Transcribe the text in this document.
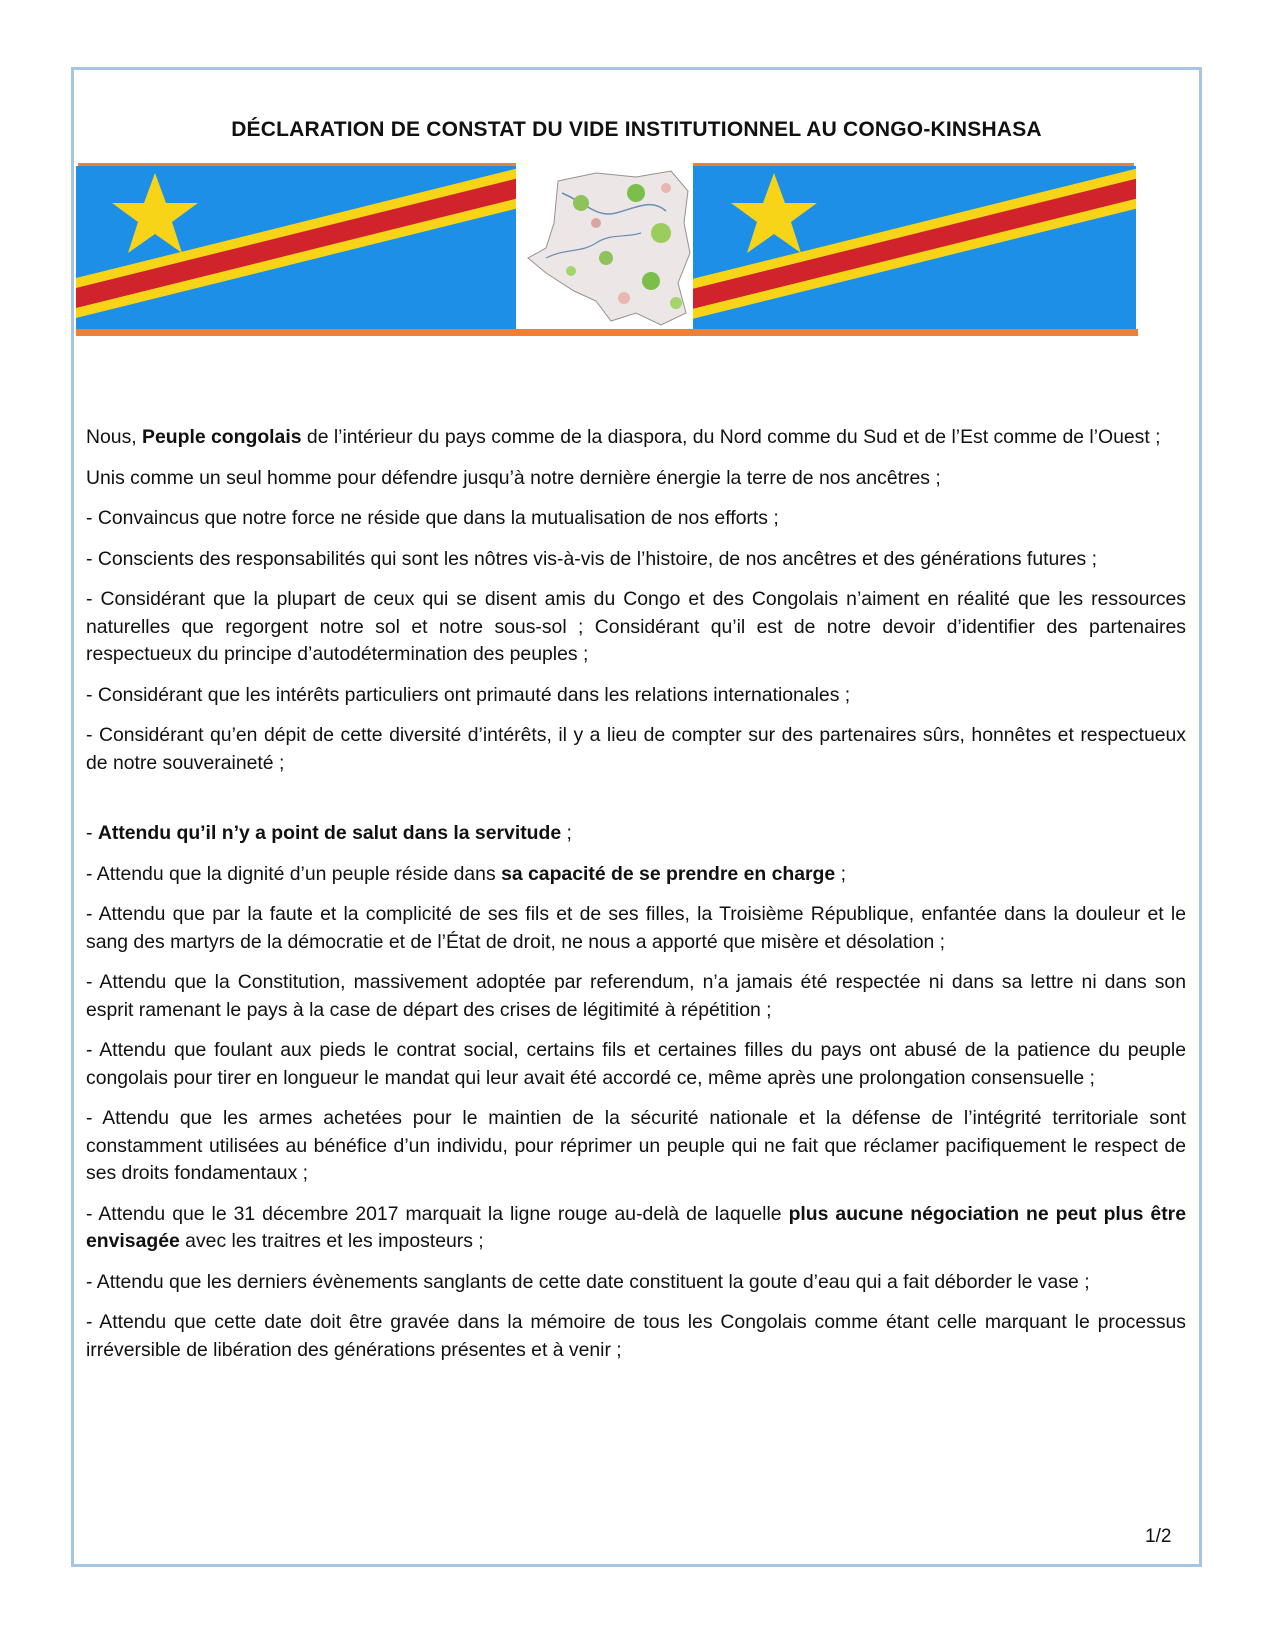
DÉCLARATION DE CONSTAT DU VIDE INSTITUTIONNEL AU CONGO-KINSHASA

Nous, Peuple congolais de l’intérieur du pays comme de la diaspora, du Nord comme du Sud et de l’Est comme de l’Ouest ;

Unis comme un seul homme pour défendre jusqu’à notre dernière énergie la terre de nos ancêtres ;

- Convaincus que notre force ne réside que dans la mutualisation de nos efforts ;

- Conscients des responsabilités qui sont les nôtres vis-à-vis de l’histoire, de nos ancêtres et des générations futures ;

- Considérant que la plupart de ceux qui se disent amis du Congo et des Congolais n’aiment en réalité que les ressources naturelles que regorgent notre sol et notre sous-sol ; Considérant qu’il est de notre devoir d’identifier des partenaires respectueux du principe d’autodétermination des peuples ;

- Considérant que les intérêts particuliers ont primauté dans les relations internationales ;

- Considérant qu’en dépit de cette diversité d’intérêts, il y a lieu de compter sur des partenaires sûrs, honnêtes et respectueux de notre souveraineté ;

- Attendu qu’il n’y a point de salut dans la servitude ;

- Attendu que la dignité d’un peuple réside dans sa capacité de se prendre en charge ;

- Attendu que par la faute et la complicité de ses fils et de ses filles, la Troisième République, enfantée dans la douleur et le sang des martyrs de la démocratie et de l’État de droit, ne nous a apporté que misère et désolation ;

- Attendu que la Constitution, massivement adoptée par referendum, n’a jamais été respectée ni dans sa lettre ni dans son esprit ramenant le pays à la case de départ des crises de légitimité à répétition ;

- Attendu que foulant aux pieds le contrat social, certains fils et certaines filles du pays ont abusé de la patience du peuple congolais pour tirer en longueur le mandat qui leur avait été accordé ce, même après une prolongation consensuelle ;

- Attendu que les armes achetées pour le maintien de la sécurité nationale et la défense de l’intégrité territoriale sont constamment utilisées au bénéfice d’un individu, pour réprimer un peuple qui ne fait que réclamer pacifiquement le respect de ses droits fondamentaux ;

- Attendu que le 31 décembre 2017 marquait la ligne rouge au-delà de laquelle plus aucune négociation ne peut plus être envisagée avec les traitres et les imposteurs ;

- Attendu que les derniers évènements sanglants de cette date constituent la goute d’eau qui a fait déborder le vase ;

- Attendu que cette date doit être gravée dans la mémoire de tous les Congolais comme étant celle marquant le processus irréversible de libération des générations présentes et à venir ;

1/2
